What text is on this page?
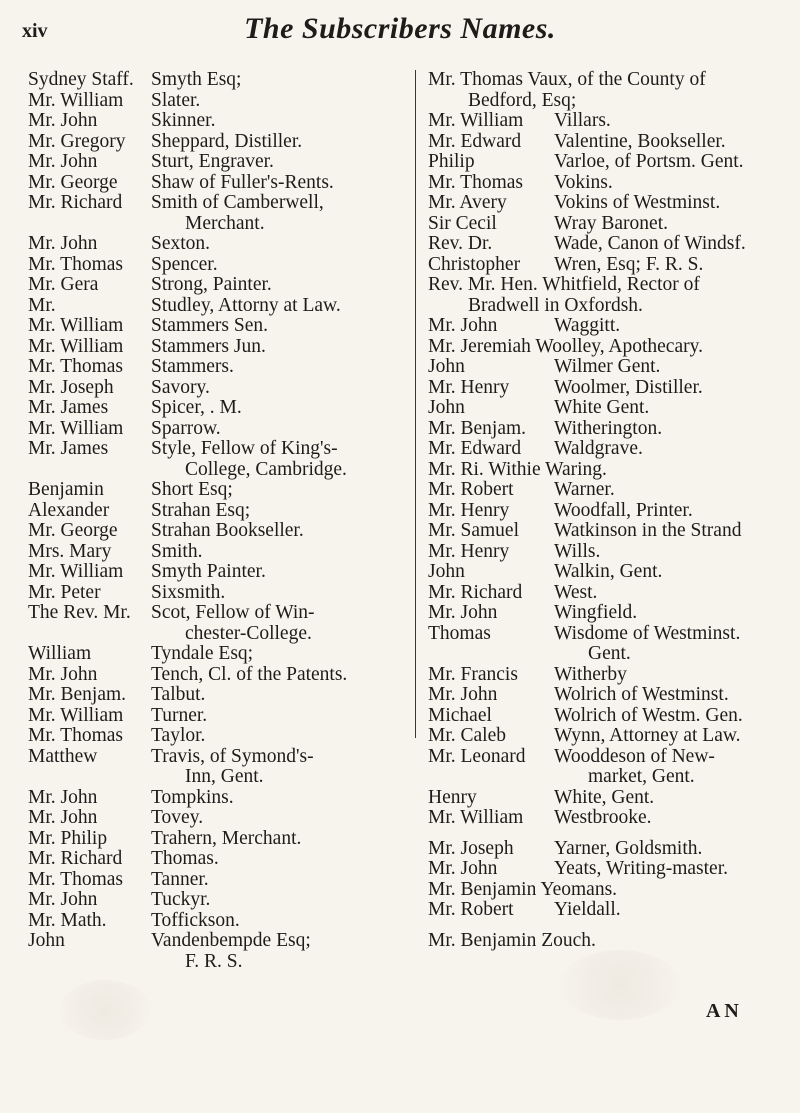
xiv	The Subscribers Names.
Sydney Staff. Smyth Esq;
Mr. William	Slater.
Mr. John	Skinner.
Mr. Gregory	Sheppard, Distiller.
Mr. John	Sturt, Engraver.
Mr. George	Shaw of Fuller's-Rents.
Mr. Richard	Smith of Camberwell,
Merchant.
Mr. John	Sexton.
Mr. Thomas	Spencer.
Mr. Gera	Strong, Painter.
Mr.	Studley, Attorny at Law.
Mr. William	Stammers Sen.
Mr. William	Stammers Jun.
Mr. Thomas	Stammers.
Mr. Joseph	Savory.
Mr. James	Spicer, . M.
Mr. William	Sparrow.
Mr. James	Style, Fellow of King's-
College, Cambridge.
Benjamin	Short Esq;
Alexander	Strahan Esq;
Mr. George	Strahan Bookseller.
Mrs. Mary	Smith.
Mr. William	Smyth Painter.
Mr. Peter	Sixsmith.
The Rev. Mr.	Scot, Fellow of Win-
chester-College.
William	Tyndale Esq;
Mr. John	Tench, Cl. of the Patents.
Mr. Benjam.	Talbut.
Mr. William	Turner.
Mr. Thomas	Taylor.
Matthew	Travis, of Symond's-
Inn, Gent.
Mr. John	Tompkins.
Mr. John	Tovey.
Mr. Philip	Trahern, Merchant.
Mr. Richard	Thomas.
Mr. Thomas	Tanner.
Mr. John	Tuckyr.
Mr. Math.	Toffickson.
John	Vandenbempde Esq;
F. R. S.
Mr. Thomas Vaux, of the County of
Bedford, Esq;
Mr. William	Villars.
Mr. Edward	Valentine, Bookseller.
Philip	Varloe, of Portsm. Gent.
Mr. Thomas	Vokins.
Mr. Avery	Vokins of Westminst.
Sir Cecil	Wray Baronet.
Rev. Dr.	Wade, Canon of Windsf.
Christopher	Wren, Esq; F. R. S.
Rev. Mr. Hen. Whitfield, Rector of
Bradwell in Oxfordsh.
Mr. John	Waggitt.
Mr. Jeremiah Woolley, Apothecary.
John	Wilmer Gent.
Mr. Henry	Woolmer, Distiller.
John	White Gent.
Mr. Benjam.	Witherington.
Mr. Edward	Waldgrave.
Mr. Ri. Withie Waring.
Mr. Robert	Warner.
Mr. Henry	Woodfall, Printer.
Mr. Samuel	Watkinson in the Strand
Mr. Henry	Wills.
John	Walkin, Gent.
Mr. Richard	West.
Mr. John	Wingfield.
Thomas	Wisdome of Westminst.
Gent.
Mr. Francis	Witherby
Mr. John	Wolrich of Westminst.
Michael	Wolrich of Westm. Gen.
Mr. Caleb	Wynn, Attorney at Law.
Mr. Leonard	Wooddeson of New-
market, Gent.
Henry	White, Gent.
Mr. William	Westbrooke.
Mr. Joseph	Yarner, Goldsmith.
Mr. John	Yeats, Writing-master.
Mr. Benjamin Yeomans.
Mr. Robert	Yieldall.
Mr. Benjamin Zouch.
A N
